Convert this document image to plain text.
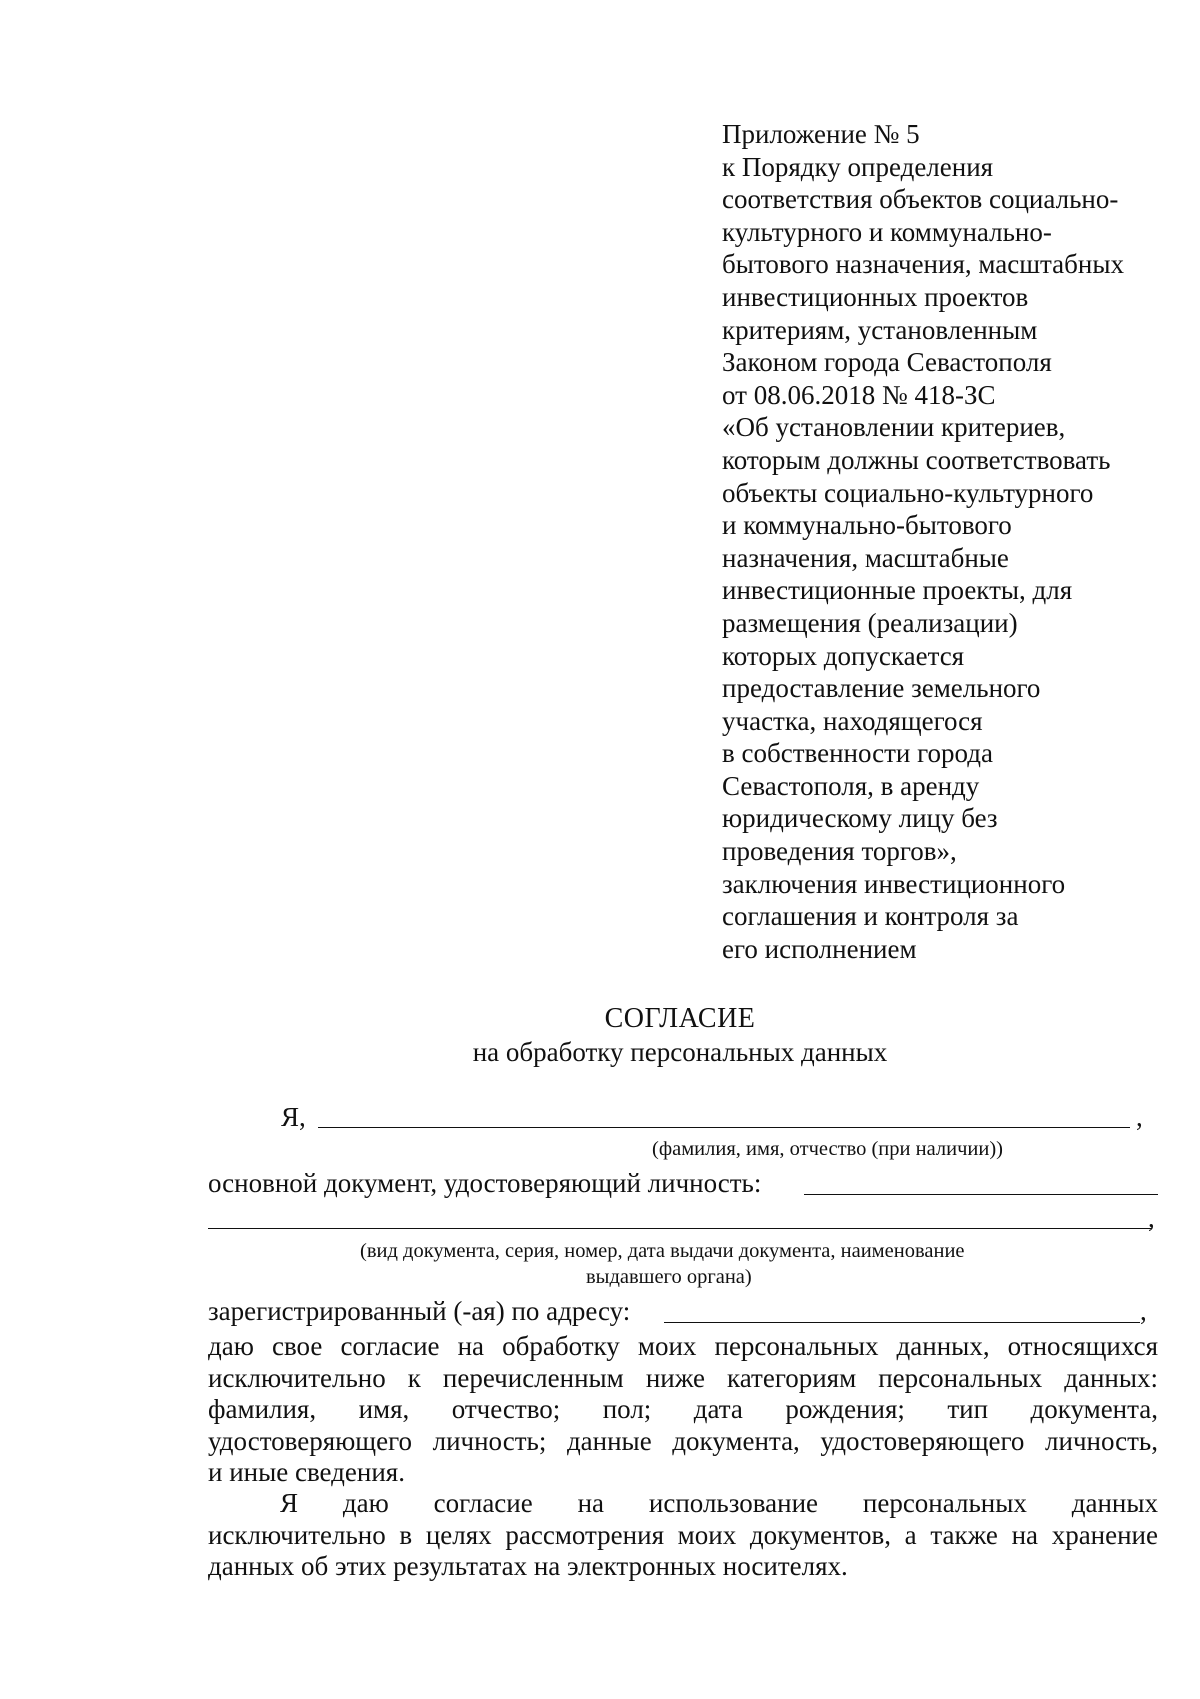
Приложение № 5
к Порядку определения
соответствия объектов социально-
культурного и коммунально-
бытового назначения, масштабных
инвестиционных проектов
критериям, установленным
Законом города Севастополя
от 08.06.2018 № 418-ЗС
«Об установлении критериев,
которым должны соответствовать
объекты социально-культурного
и коммунально-бытового
назначения, масштабные
инвестиционные проекты, для
размещения (реализации)
которых допускается
предоставление земельного
участка, находящегося
в собственности города
Севастополя, в аренду
юридическому лицу без
проведения торгов»,
заключения инвестиционного
соглашения и контроля за
его исполнением
СОГЛАСИЕ
на обработку персональных данных
Я,	,
(фамилия, имя, отчество (при наличии))
основной документ, удостоверяющий личность:
,
(вид документа, серия, номер, дата выдачи документа, наименование
выдавшего органа)
зарегистрированный (-ая) по адресу:	,
даю свое согласие на обработку моих персональных данных, относящихся
исключительно к перечисленным ниже категориям персональных данных:
фамилия, имя, отчество; пол; дата рождения; тип документа,
удостоверяющего личность; данные документа, удостоверяющего личность,
и иные сведения.
Я даю согласие на использование персональных данных
исключительно в целях рассмотрения моих документов, а также на хранение
данных об этих результатах на электронных носителях.
